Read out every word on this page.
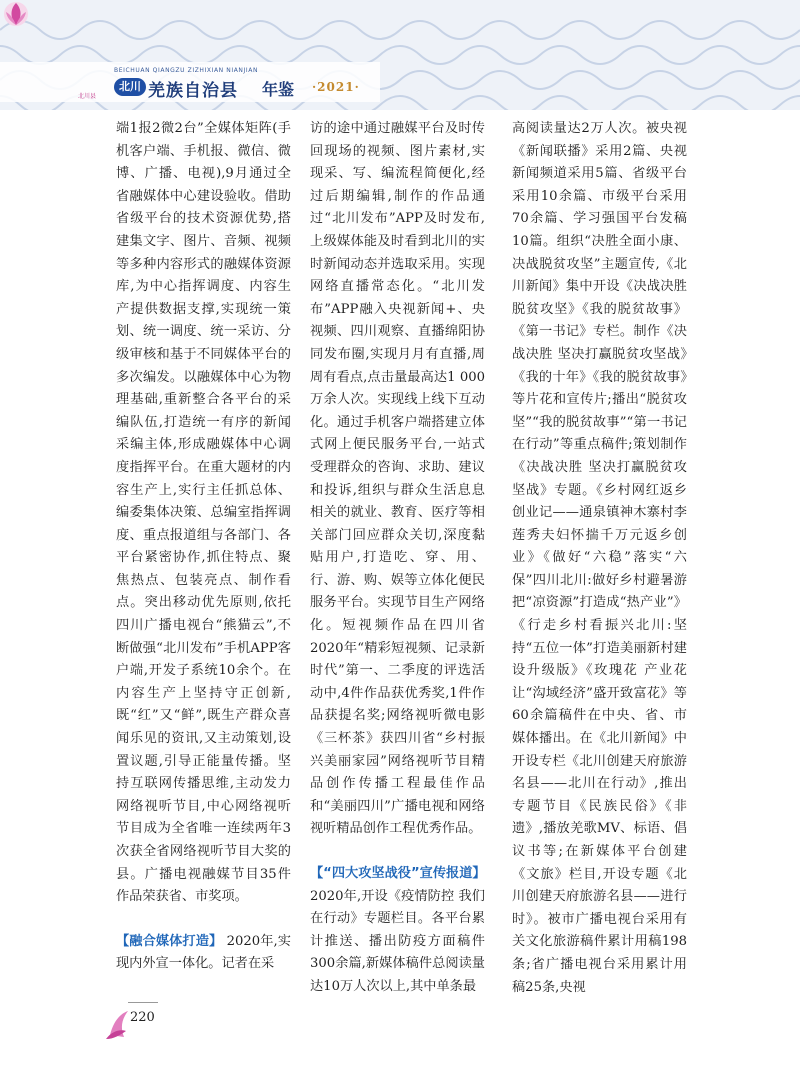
北川县
BEICHUAN QIANGZU ZIZHIXIAN NIANJIAN
北川 羌族自治县 年鉴 ·2021·

端1报2微2台”全媒体矩阵(手机客户端、手机报、微信、微博、广播、电视),9月通过全省融媒体中心建设验收。借助省级平台的技术资源优势,搭建集文字、图片、音频、视频等多种内容形式的融媒体资源库,为中心指挥调度、内容生产提供数据支撑,实现统一策划、统一调度、统一采访、分级审核和基于不同媒体平台的多次编发。以融媒体中心为物理基础,重新整合各平台的采编队伍,打造统一有序的新闻采编主体,形成融媒体中心调度指挥平台。在重大题材的内容生产上,实行主任抓总体、编委集体决策、总编室指挥调度、重点报道组与各部门、各平台紧密协作,抓住特点、聚焦热点、包装亮点、制作看点。突出移动优先原则,依托四川广播电视台“熊猫云”,不断做强“北川发布”手机APP客户端,开发子系统10余个。在内容生产上坚持守正创新,既“红”又“鲜”,既生产群众喜闻乐见的资讯,又主动策划,设置议题,引导正能量传播。坚持互联网传播思维,主动发力网络视听节目,中心网络视听节目成为全省唯一连续两年3次获全省网络视听节目大奖的县。广播电视融媒节目35件作品荣获省、市奖项。

【融合媒体打造】 2020年,实现内外宣一体化。记者在采

访的途中通过融媒平台及时传回现场的视频、图片素材,实现采、写、编流程简便化,经过后期编辑,制作的作品通过“北川发布”APP及时发布,上级媒体能及时看到北川的实时新闻动态并选取采用。实现网络直播常态化。“北川发布”APP融入央视新闻+、央视频、四川观察、直播绵阳协同发布圈,实现月月有直播,周周有看点,点击量最高达1 000万余人次。实现线上线下互动化。通过手机客户端搭建立体式网上便民服务平台,一站式受理群众的咨询、求助、建议和投诉,组织与群众生活息息相关的就业、教育、医疗等相关部门回应群众关切,深度黏贴用户,打造吃、穿、用、行、游、购、娱等立体化便民服务平台。实现节目生产网络化。短视频作品在四川省2020年“精彩短视频、记录新时代”第一、二季度的评选活动中,4件作品获优秀奖,1件作品获提名奖;网络视听微电影《三杯茶》获四川省“乡村振兴美丽家园”网络视听节目精品创作传播工程最佳作品和“美丽四川”广播电视和网络视听精品创作工程优秀作品。

【“四大攻坚战役”宣传报道】

2020年,开设《疫情防控 我们在行动》专题栏目。各平台累计推送、播出防疫方面稿件300余篇,新媒体稿件总阅读量达10万人次以上,其中单条最

高阅读量达2万人次。被央视《新闻联播》采用2篇、央视新闻频道采用5篇、省级平台采用10余篇、市级平台采用70余篇、学习强国平台发稿10篇。组织“决胜全面小康、决战脱贫攻坚”主题宣传,《北川新闻》集中开设《决战决胜脱贫攻坚》《我的脱贫故事》《第一书记》专栏。制作《决战决胜 坚决打赢脱贫攻坚战》《我的十年》《我的脱贫故事》等片花和宣传片;播出“脱贫攻坚”“我的脱贫故事”“第一书记在行动”等重点稿件;策划制作《决战决胜 坚决打赢脱贫攻坚战》专题。《乡村网红返乡创业记——通泉镇神木寨村李莲秀夫妇怀揣千万元返乡创业》《做好“六稳”落实“六保”四川北川:做好乡村避暑游 把“凉资源”打造成“热产业”》《行走乡村看振兴北川:坚持“五位一体”打造美丽新村建设升级版》《玫瑰花 产业花 让“沟域经济”盛开致富花》等60余篇稿件在中央、省、市媒体播出。在《北川新闻》中开设专栏《北川创建天府旅游名县——北川在行动》,推出专题节目《民族民俗》《非遗》,播放羌歌MV、标语、倡议书等;在新媒体平台创建《文旅》栏目,开设专题《北川创建天府旅游名县——进行时》。被市广播电视台采用有关文化旅游稿件累计用稿198条;省广播电视台采用累计用稿25条,央视

220
